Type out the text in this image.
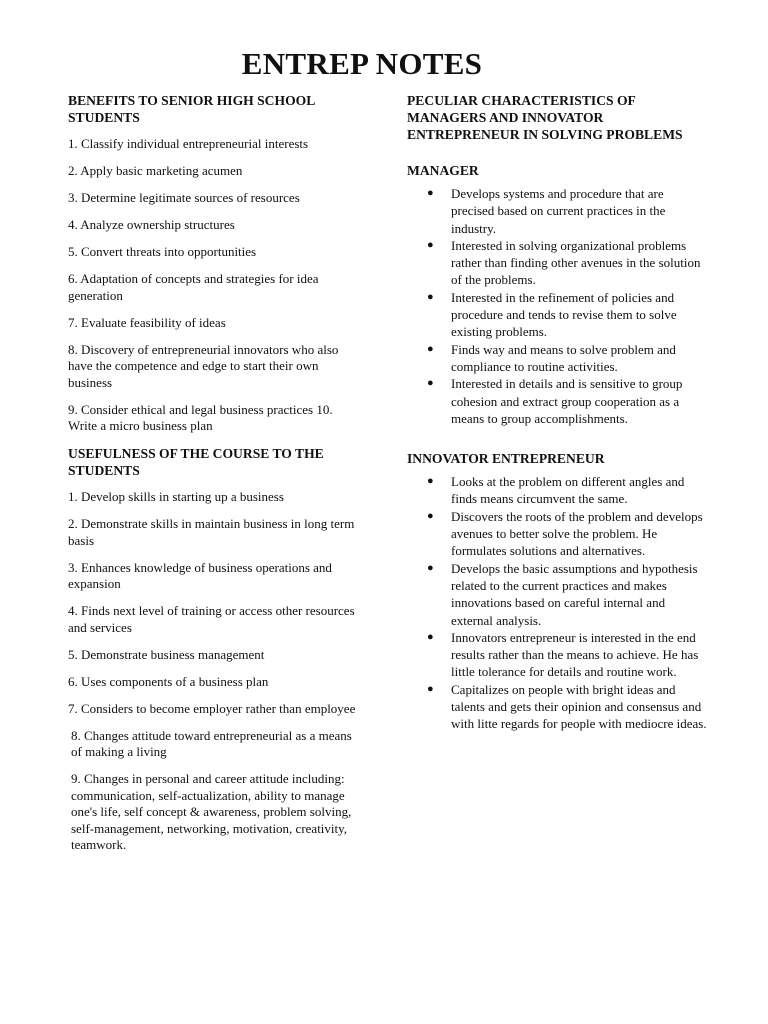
ENTREP NOTES
BENEFITS TO SENIOR HIGH SCHOOL STUDENTS
1. Classify individual entrepreneurial interests
2. Apply basic marketing acumen
3. Determine legitimate sources of resources
4. Analyze ownership structures
5. Convert threats into opportunities
6. Adaptation of concepts and strategies for idea generation
7. Evaluate feasibility of ideas
8. Discovery of entrepreneurial innovators who also have the competence and edge to start their own business
9. Consider ethical and legal business practices 10. Write a micro business plan
USEFULNESS OF THE COURSE TO THE STUDENTS
1. Develop skills in starting up a business
2. Demonstrate skills in maintain business in long term basis
3. Enhances knowledge of business operations and expansion
4. Finds next level of training or access other resources and services
5. Demonstrate business management
6. Uses components of a business plan
7. Considers to become employer rather than employee
8. Changes attitude toward entrepreneurial as a means of making a living
9. Changes in personal and career attitude including: communication, self-actualization, ability to manage one's life, self concept & awareness, problem solving, self-management, networking, motivation, creativity, teamwork.
PECULIAR CHARACTERISTICS OF MANAGERS AND INNOVATOR ENTREPRENEUR IN SOLVING PROBLEMS
MANAGER
● Develops systems and procedure that are precised based on current practices in the industry.
● Interested in solving organizational problems rather than finding other avenues in the solution of the problems.
● Interested in the refinement of policies and procedure and tends to revise them to solve existing problems.
● Finds way and means to solve problem and compliance to routine activities.
● Interested in details and is sensitive to group cohesion and extract group cooperation as a means to group accomplishments.
INNOVATOR ENTREPRENEUR
● Looks at the problem on different angles and finds means circumvent the same.
● Discovers the roots of the problem and develops avenues to better solve the problem. He formulates solutions and alternatives.
● Develops the basic assumptions and hypothesis related to the current practices and makes innovations based on careful internal and external analysis.
● Innovators entrepreneur is interested in the end results rather than the means to achieve. He has little tolerance for details and routine work.
● Capitalizes on people with bright ideas and talents and gets their opinion and consensus and with litte regards for people with mediocre ideas.
